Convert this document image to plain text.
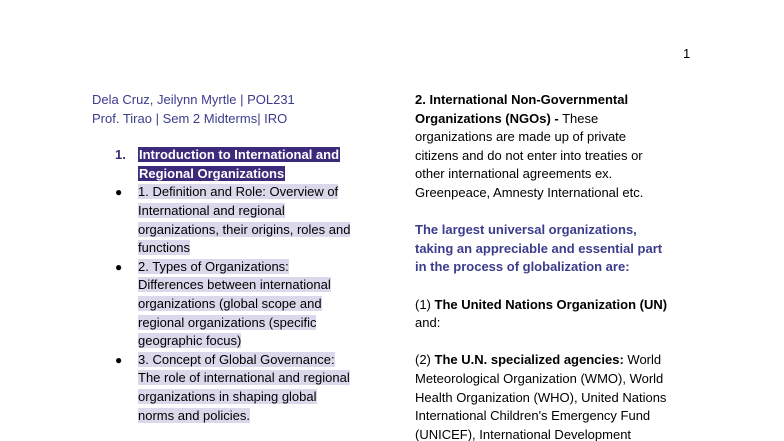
1
Dela Cruz, Jeilynn Myrtle | POL231
Prof. Tirao | Sem 2 Midterms| IRO
1.	Introduction to International and
Regional Organizations
●	1. Definition and Role: Overview of
International and regional
organizations, their origins, roles and
functions
●	2. Types of Organizations:
Differences between international
organizations (global scope and
regional organizations (specific
geographic focus)
●	3. Concept of Global Governance:
The role of international and regional
organizations in shaping global
norms and policies.
2. International Non-Governmental
Organizations (NGOs) - These
organizations are made up of private
citizens and do not enter into treaties or
other international agreements ex.
Greenpeace, Amnesty International etc.
The largest universal organizations,
taking an appreciable and essential part
in the process of globalization are:
(1) The United Nations Organization (UN)
and:
(2) The U.N. specialized agencies: World
Meteorological Organization (WMO), World
Health Organization (WHO), United Nations
International Children's Emergency Fund
(UNICEF), International Development
